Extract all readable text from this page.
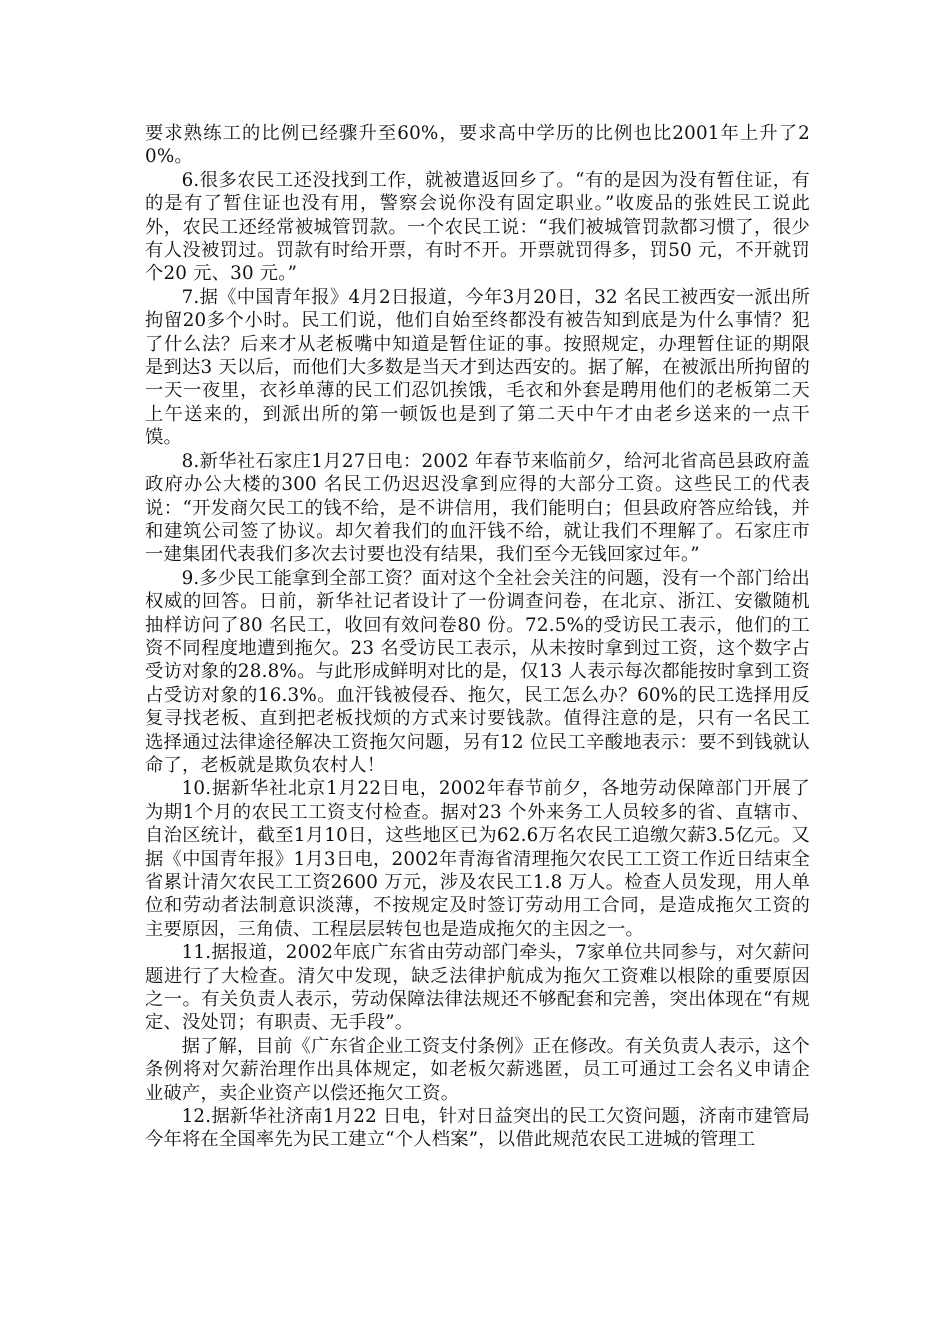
要求熟练工的比例已经骤升至60%，要求高中学历的比例也比2001年上升了20%。

6.很多农民工还没找到工作，就被遣返回乡了。“有的是因为没有暂住证，有的是有了暂住证也没有用，警察会说你没有固定职业。”收废品的张姓民工说此外，农民工还经常被城管罚款。一个农民工说：“我们被城管罚款都习惯了，很少有人没被罚过。罚款有时给开票，有时不开。开票就罚得多，罚50 元，不开就罚个20 元、30 元。”

7.据《中国青年报》4月2日报道，今年3月20日，32 名民工被西安一派出所拘留20多个小时。民工们说，他们自始至终都没有被告知到底是为什么事情？犯了什么法？后来才从老板嘴中知道是暂住证的事。按照规定，办理暂住证的期限是到达3 天以后，而他们大多数是当天才到达西安的。据了解，在被派出所拘留的一天一夜里，衣衫单薄的民工们忍饥挨饿，毛衣和外套是聘用他们的老板第二天上午送来的，到派出所的第一顿饭也是到了第二天中午才由老乡送来的一点干馍。

8.新华社石家庄1月27日电：2002 年春节来临前夕，给河北省高邑县政府盖政府办公大楼的300 名民工仍迟迟没拿到应得的大部分工资。这些民工的代表说：“开发商欠民工的钱不给，是不讲信用，我们能明白；但县政府答应给钱，并和建筑公司签了协议。却欠着我们的血汗钱不给，就让我们不理解了。石家庄市一建集团代表我们多次去讨要也没有结果，我们至今无钱回家过年。”

9.多少民工能拿到全部工资？面对这个全社会关注的问题，没有一个部门给出权威的回答。日前，新华社记者设计了一份调查问卷，在北京、浙江、安徽随机抽样访问了80 名民工，收回有效问卷80 份。72.5%的受访民工表示，他们的工资不同程度地遭到拖欠。23 名受访民工表示，从未按时拿到过工资，这个数字占受访对象的28.8%。与此形成鲜明对比的是，仅13 人表示每次都能按时拿到工资占受访对象的16.3%。血汗钱被侵吞、拖欠，民工怎么办？60%的民工选择用反复寻找老板、直到把老板找烦的方式来讨要钱款。值得注意的是，只有一名民工选择通过法律途径解决工资拖欠问题，另有12 位民工辛酸地表示：要不到钱就认命了，老板就是欺负农村人！

10.据新华社北京1月22日电，2002年春节前夕，各地劳动保障部门开展了为期1个月的农民工工资支付检查。据对23 个外来务工人员较多的省、直辖市、自治区统计，截至1月10日，这些地区已为62.6万名农民工追缴欠薪3.5亿元。又据《中国青年报》1月3日电，2002年青海省清理拖欠农民工工资工作近日结束全省累计清欠农民工工资2600 万元，涉及农民工1.8 万人。检查人员发现，用人单位和劳动者法制意识淡薄，不按规定及时签订劳动用工合同，是造成拖欠工资的主要原因，三角债、工程层层转包也是造成拖欠的主因之一。

11.据报道，2002年底广东省由劳动部门牵头，7家单位共同参与，对欠薪问题进行了大检查。清欠中发现，缺乏法律护航成为拖欠工资难以根除的重要原因之一。有关负责人表示，劳动保障法律法规还不够配套和完善，突出体现在“有规定、没处罚；有职责、无手段”。

据了解，目前《广东省企业工资支付条例》正在修改。有关负责人表示，这个条例将对欠薪治理作出具体规定，如老板欠薪逃匿，员工可通过工会名义申请企业破产，卖企业资产以偿还拖欠工资。

12.据新华社济南1月22 日电，针对日益突出的民工欠资问题，济南市建管局今年将在全国率先为民工建立“个人档案”，以借此规范农民工进城的管理工
